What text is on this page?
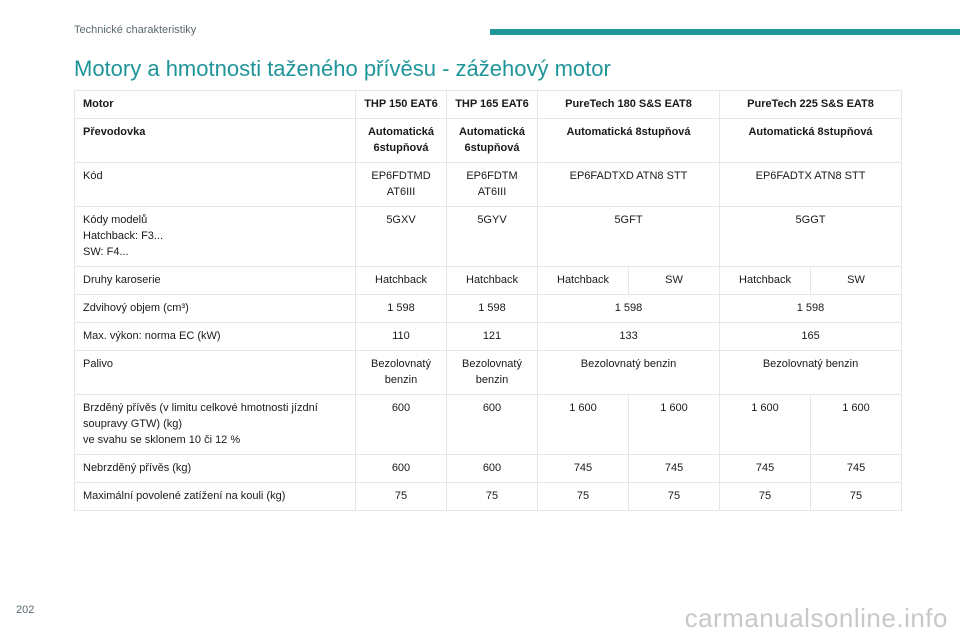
Technické charakteristiky
Motory a hmotnosti taženého přívěsu - zážehový motor
Motor	THP 150 EAT6	THP 165 EAT6	PureTech 180 S&S EAT8		PureTech 225 S&S EAT8	
Převodovka	Automatická 6stupňová	Automatická 6stupňová	Automatická 8stupňová		Automatická 8stupňová	
Kód	EP6FDTMD AT6III	EP6FDTM AT6III	EP6FADTXD ATN8 STT		EP6FADTX ATN8 STT	

Kódy modelů
Hatchback: F3...
SW: F4...	5GXV	5GYV	5GFT		5GGT	
Druhy karoserie	Hatchback	Hatchback	Hatchback	SW	Hatchback	SW
Zdvihový objem (cm³)	1 598	1 598	1 598		1 598	
Max. výkon: norma EC (kW)	110	121	133		165	
Palivo	Bezolovnatý benzin	Bezolovnatý benzin	Bezolovnatý benzin		Bezolovnatý benzin	

Brzděný přívěs (v limitu celkové hmotnosti jízdní soupravy GTW) (kg)
ve svahu se sklonem 10 či 12 %	600	600	1 600	1 600	1 600	1 600
Nebrzděný přívěs (kg)	600	600	745	745	745	745
Maximální povolené zatížení na kouli (kg)	75	75	75	75	75	75
202	carmanualsonline.info
